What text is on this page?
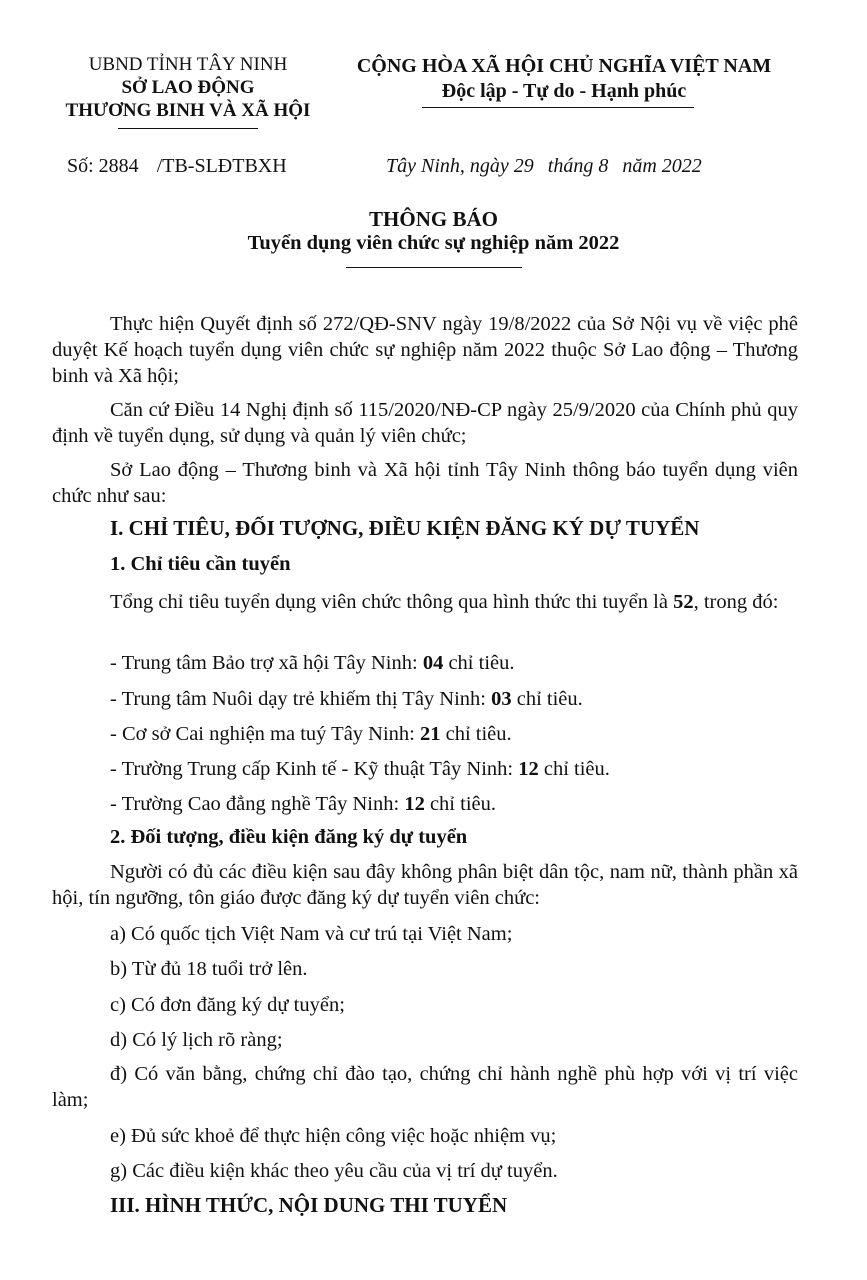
UBND TỈNH TÂY NINH
SỞ LAO ĐỘNG
THƯƠNG BINH VÀ XÃ HỘI
CỘNG HÒA XÃ HỘI CHỦ NGHĨA VIỆT NAM
Độc lập - Tự do - Hạnh phúc
Số: 2884 /TB-SLĐTBXH	Tây Ninh, ngày 29 tháng 8 năm 2022
THÔNG BÁO
Tuyển dụng viên chức sự nghiệp năm 2022
Thực hiện Quyết định số 272/QĐ-SNV ngày 19/8/2022 của Sở Nội vụ về việc phê duyệt Kế hoạch tuyển dụng viên chức sự nghiệp năm 2022 thuộc Sở Lao động – Thương binh và Xã hội;
Căn cứ Điều 14 Nghị định số 115/2020/NĐ-CP ngày 25/9/2020 của Chính phủ quy định về tuyển dụng, sử dụng và quản lý viên chức;
Sở Lao động – Thương binh và Xã hội tỉnh Tây Ninh thông báo tuyển dụng viên chức như sau:
I. CHỈ TIÊU, ĐỐI TƯỢNG, ĐIỀU KIỆN ĐĂNG KÝ DỰ TUYỂN
1. Chỉ tiêu cần tuyển
Tổng chỉ tiêu tuyển dụng viên chức thông qua hình thức thi tuyển là 52, trong đó:
- Trung tâm Bảo trợ xã hội Tây Ninh: 04 chỉ tiêu.
- Trung tâm Nuôi dạy trẻ khiếm thị Tây Ninh: 03 chỉ tiêu.
- Cơ sở Cai nghiện ma tuý Tây Ninh: 21 chỉ tiêu.
- Trường Trung cấp Kinh tế - Kỹ thuật Tây Ninh: 12 chỉ tiêu.
- Trường Cao đẳng nghề Tây Ninh: 12 chỉ tiêu.
2. Đối tượng, điều kiện đăng ký dự tuyển
Người có đủ các điều kiện sau đây không phân biệt dân tộc, nam nữ, thành phần xã hội, tín ngưỡng, tôn giáo được đăng ký dự tuyển viên chức:
a) Có quốc tịch Việt Nam và cư trú tại Việt Nam;
b) Từ đủ 18 tuổi trở lên.
c) Có đơn đăng ký dự tuyển;
d) Có lý lịch rõ ràng;
đ) Có văn bằng, chứng chỉ đào tạo, chứng chỉ hành nghề phù hợp với vị trí việc làm;
e) Đủ sức khoẻ để thực hiện công việc hoặc nhiệm vụ;
g) Các điều kiện khác theo yêu cầu của vị trí dự tuyển.
III. HÌNH THỨC, NỘI DUNG THI TUYỂN
